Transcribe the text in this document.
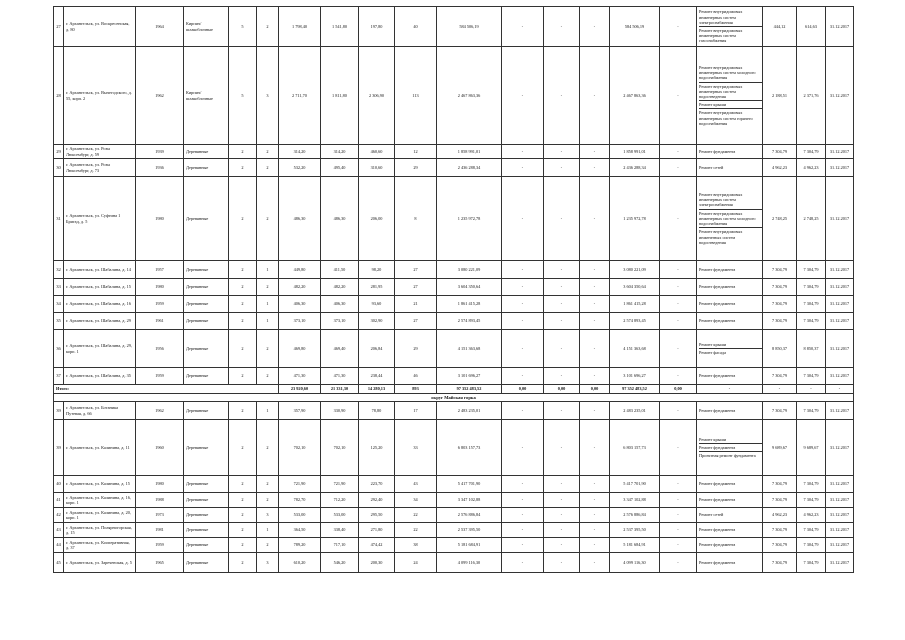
27	г. Архангельск, ул. Воскресенская, д. 80	1964	Кирпич/ шлакоблочные	5	2	1 798,40	1 541,80	197,80	40	584 506,19	-	-	-	584 506,19	-	Ремонт внутридомовых инженерных систем электроснабжения
Ремонт внутридомовых инженерных систем газоснабжения	444,12	614,63	31.12.2017
28	г. Архангельск, ул. Вычегодского, д. 55, корп. 2	1962	Кирпич/ шлакоблочные	5	3	2 711,70	1 811,80	2 306,90	113	2 467 863,36	-	-	-	2 467 863,36	-	Ремонт внутридомовых инженерных систем холодного водоснабжения
Ремонт внутридомовых инженерных систем водоотведения
Ремонт крыши
Ремонт внутридомовых инженерных систем горячего водоснабжения	2 188,51	2 371,76	31.12.2017
29	г. Архангельск, ул. Розы Люксембург, д. 59	1939	Деревянные	2	2	314,20	314,20	460,60	12	1 858 991,01	-	-	-	1 858 991,01	-	Ремонт фундамента	7 304,79	7 304,79	31.12.2017
30	г. Архангельск, ул. Розы Люксембург, д. 73	1936	Деревянные	2	2	532,20	495,40	310,60	29	2 436 288,34	-	-	-	2 436 288,34	-	Ремонт сетей	4 962,23	4 962,23	31.12.2017
31	г. Архангельск, ул. Суфтина 1 Бригад, д. 5	1980	Деревянные	2	2	486,30	486,30	206,00	8	1 235 972,78	-	-	-	1 235 972,78	-	Ремонт внутридомовых инженерных систем электроснабжения
Ремонт внутридомовых инженерных систем холодного водоснабжения
Ремонт внутридомовых инженerных систем водоотведения	2 748,25	2 748,25	31.12.2017
32	г. Архангельск, ул. Шабалина, д. 14	1957	Деревянные	2	1	449,80	411,50	98,20	27	3 080 221,09	-	-	-	3 080 221,09	-	Ремонт фундамента	7 304,79	7 304,79	31.12.2017
33	г. Архангельск, ул. Шабалина, д. 15	1980	Деревянные	2	2	482,20	482,20	281,95	27	3 604 350,64	-	-	-	3 604 350,64	-	Ремонт фундамента	7 304,79	7 304,79	31.12.2017
34	г. Архангельск, ул. Шабалина, д. 16	1959	Деревянные	2	1	406,30	406,30	93,60	21	1 861 415,28	-	-	-	1 861 415,28	-	Ремонт фундамента	7 304,79	7 304,79	31.12.2017
35	г. Архангельск, ул. Шабалина, д. 29	1961	Деревянные	2	1	373,10	373,10	302,90	27	2 574 893,45	-	-	-	2 574 893,45	-	Ремонт фундамента	7 304,79	7 304,79	31.12.2017
36	г. Архангельск, ул. Шабалина, д. 29, корп. 1	1956	Деревянные	2	2	469,80	469,40	206,84	29	4 151 363,68	-	-	-	4 151 363,68	-	Ремонт крыши
Ремонт фасада	8 850,37	8 850,37	31.12.2017
37	г. Архангельск, ул. Шабалина, д. 35	1959	Деревянные	2	2	471,30	471,30	238,44	46	3 101 696,27	-	-	-	3 101 696,27	-	Ремонт фундамента	7 304,79	7 304,79	31.12.2017
Итого:						23 920,60	21 331,30	14 280,13	893	97 352 483,52	0,00	0,00	0,00	97 352 483,52	0,00	-	-	-	-
округ Майская горка																			
39	г. Архангельск, ул. Ботаника Путевая, д. 66	1962	Деревянные	2	1	357,90	330,90	78,80	17	2 483 235,01	-	-	-	2 483 235,01	-	Ремонт фундамента	7 304,79	7 304,79	31.12.2017
39	г. Архангельск, ул. Калинина, д. 11	1960	Деревянные	2	2	702,10	702,10	125,20	33	6 803 157,73	-	-	-	6 803 157,73	-	Ремонт крыши
Ремонт фундамента
Проектная ремонт фундамента	9 689,67	9 689,67	31.12.2017
40	г. Архангельск, ул. Калинина, д. 15	1980	Деревянные	2	2	721,90	721,90	223,70	43	5 417 701,90	-	-	-	5 417 701,90	-	Ремонт фундамента	7 304,79	7 304,79	31.12.2017
41	г. Архангельск, ул. Калинина, д. 16, корп. 1	1988	Деревянные	2	2	782,70	712,20	292,40	34	3 347 102,88	-	-	-	3 347 102,88	-	Ремонт фундамента	7 304,79	7 304,79	31.12.2017
42	г. Архангельск, ул. Калинина, д. 20, корп. 1	1973	Деревянные	2	3	533,00	533,00	295,50	22	2 576 886,84	-	-	-	2 576 886,84	-	Ремонт сетей	4 962,23	4 962,23	31.12.2017
43	г. Архангельск, ул. Полярногорская, д. 15	1981	Деревянные	2	1	364,50	338,40	271,80	22	2 537 395,50	-	-	-	2 537 395,50	-	Ремонт фундамента	7 304,79	7 304,79	31.12.2017
44	г. Архангельск, ул. Кооперативная, д. 37	1959	Деревянные	2	2	789,20	717,10	474,42	38	5 181 684,91	-	-	-	5 181 684,91	-	Ремонт фундамента	7 304,79	7 304,79	31.12.2017
45	г. Архангельск, ул. Зареченская, д. 5	1965	Деревянные	2	3	610,20	546,20	200,30	24	4 099 116,30	-	-	-	4 099 116,30	-	Ремонт фундамента	7 304,79	7 304,79	31.12.2017
